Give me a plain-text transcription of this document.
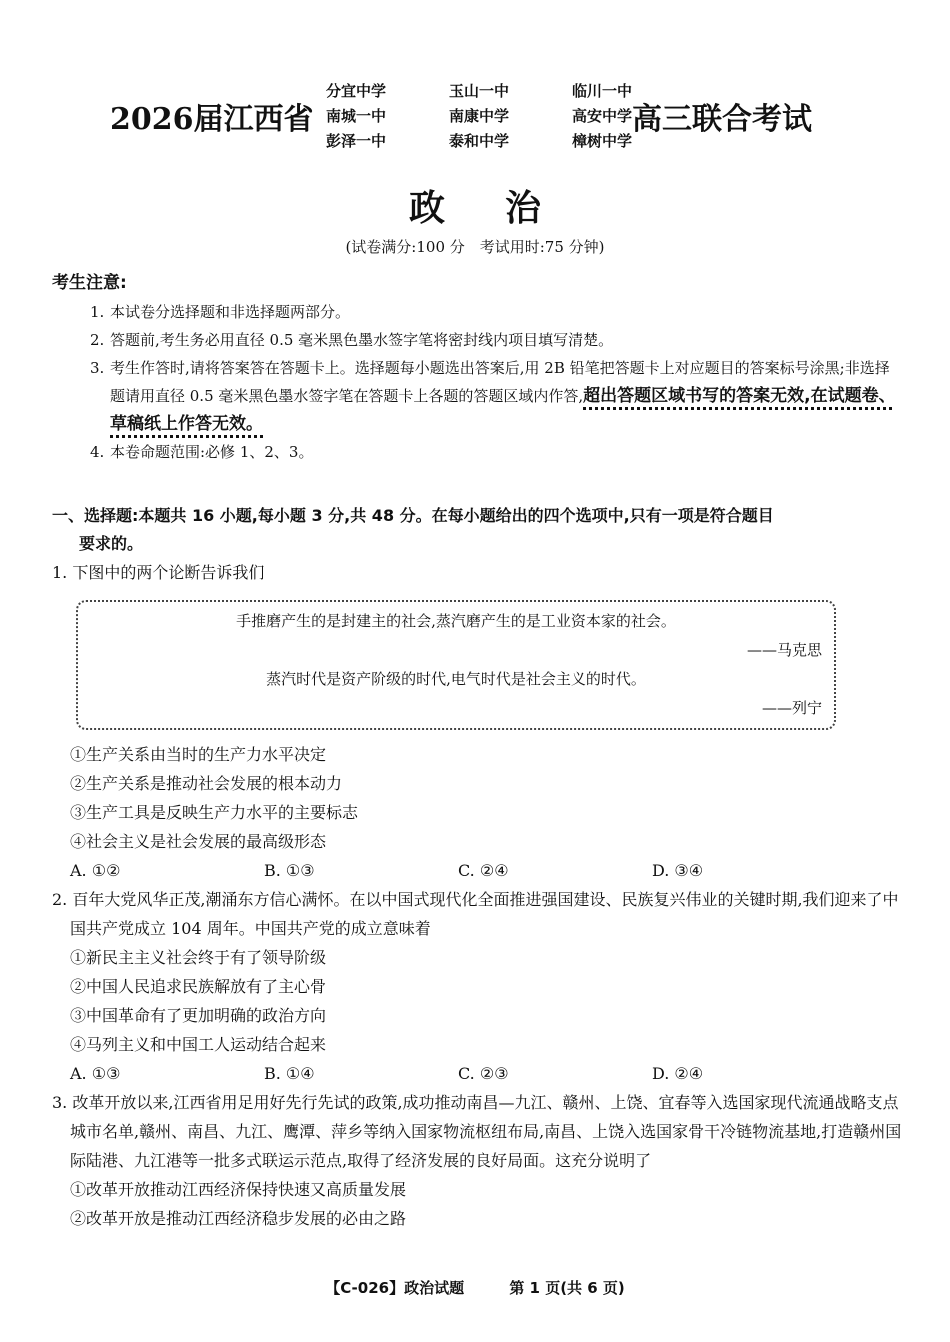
2026届江西省
分宜中学	玉山一中	临川一中
南城一中	南康中学	高安中学
彭泽一中	泰和中学	樟树中学
高三联合考试
政治
(试卷满分:100 分　考试用时:75 分钟)
考生注意:
1. 本试卷分选择题和非选择题两部分。
2. 答题前,考生务必用直径 0.5 毫米黑色墨水签字笔将密封线内项目填写清楚。
3. 考生作答时,请将答案答在答题卡上。选择题每小题选出答案后,用 2B 铅笔把答题卡上对应题目的答案标号涂黑;非选择题请用直径 0.5 毫米黑色墨水签字笔在答题卡上各题的答题区域内作答,超出答题区域书写的答案无效,在试题卷、草稿纸上作答无效。
4. 本卷命题范围:必修 1、2、3。
一、选择题:本题共 16 小题,每小题 3 分,共 48 分。在每小题给出的四个选项中,只有一项是符合题目
要求的。
1. 下图中的两个论断告诉我们
手推磨产生的是封建主的社会,蒸汽磨产生的是工业资本家的社会。
——马克思
蒸汽时代是资产阶级的时代,电气时代是社会主义的时代。
——列宁
①生产关系由当时的生产力水平决定
②生产关系是推动社会发展的根本动力
③生产工具是反映生产力水平的主要标志
④社会主义是社会发展的最高级形态
A. ①②	B. ①③	C. ②④	D. ③④
2. 百年大党风华正茂,潮涌东方信心满怀。在以中国式现代化全面推进强国建设、民族复兴伟业的关键时期,我们迎来了中国共产党成立 104 周年。中国共产党的成立意味着
①新民主主义社会终于有了领导阶级
②中国人民追求民族解放有了主心骨
③中国革命有了更加明确的政治方向
④马列主义和中国工人运动结合起来
A. ①③	B. ①④	C. ②③	D. ②④
3. 改革开放以来,江西省用足用好先行先试的政策,成功推动南昌—九江、赣州、上饶、宜春等入选国家现代流通战略支点城市名单,赣州、南昌、九江、鹰潭、萍乡等纳入国家物流枢纽布局,南昌、上饶入选国家骨干冷链物流基地,打造赣州国际陆港、九江港等一批多式联运示范点,取得了经济发展的良好局面。这充分说明了
①改革开放推动江西经济保持快速又高质量发展
②改革开放是推动江西经济稳步发展的必由之路
【C-026】政治试题	第 1 页(共 6 页)
